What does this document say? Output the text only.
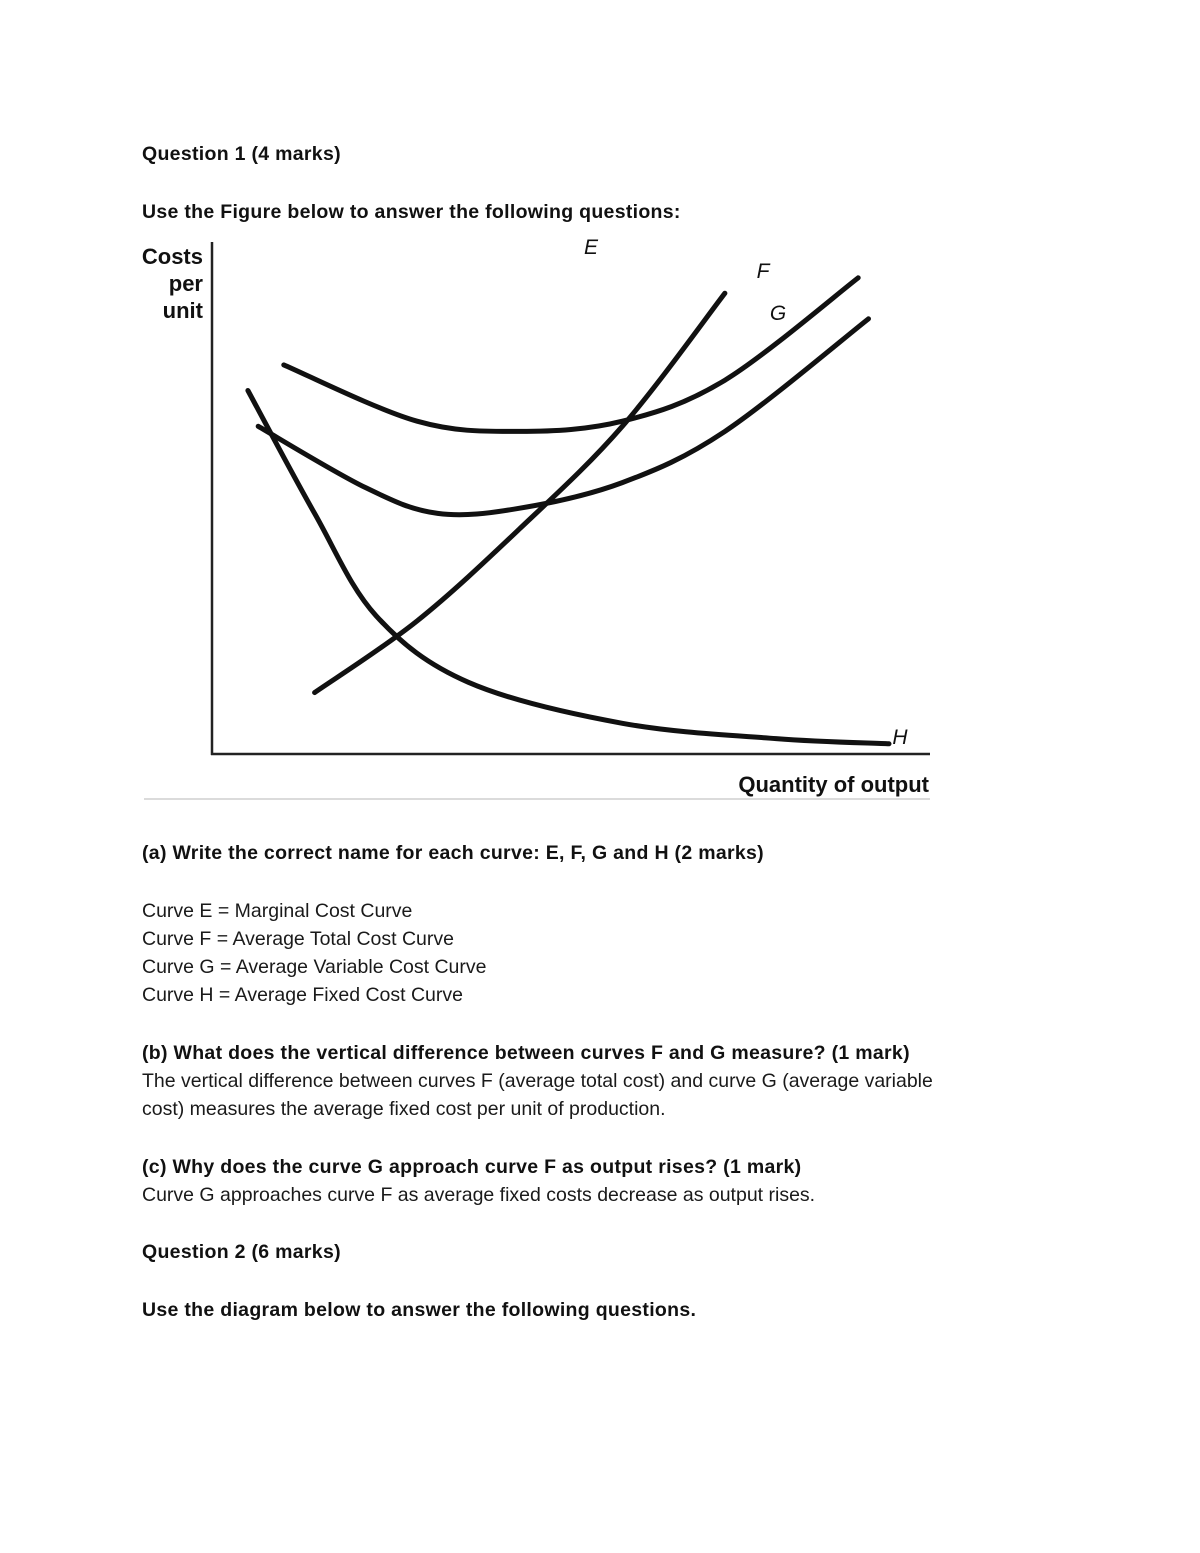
Question 1 (4 marks)
Use the Figure below to answer the following questions:
Costs
per
unit
Quantity of output
E
F
G
H
(a) Write the correct name for each curve: E, F, G and H (2 marks)
Curve E = Marginal Cost Curve
Curve F = Average Total Cost Curve
Curve G = Average Variable Cost Curve
Curve H = Average Fixed Cost Curve
(b) What does the vertical difference between curves F and G measure? (1 mark)
The vertical difference between curves F (average total cost) and curve G (average variable
cost) measures the average fixed cost per unit of production.
(c) Why does the curve G approach curve F as output rises? (1 mark)
Curve G approaches curve F as average fixed costs decrease as output rises.
Question 2 (6 marks)
Use the diagram below to answer the following questions.
